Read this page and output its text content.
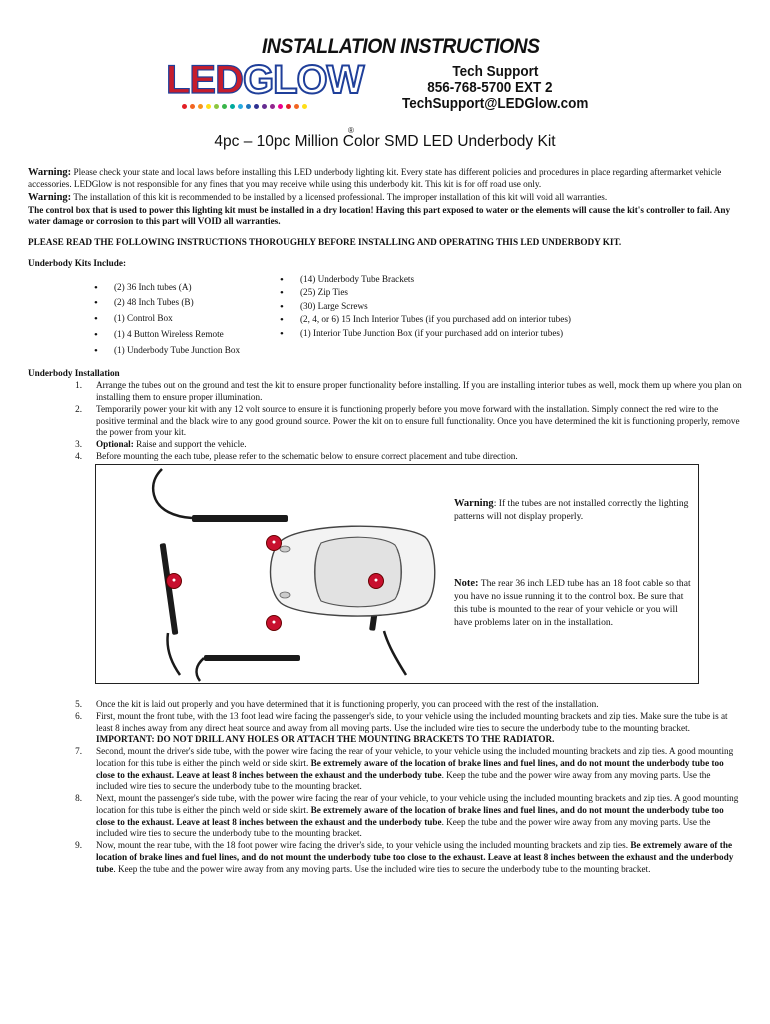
INSTALLATION INSTRUCTIONS
LEDGLOW
®
Tech Support
856-768-5700 EXT 2
TechSupport@LEDGlow.com
4pc – 10pc Million Color SMD LED Underbody Kit

Warning: Please check your state and local laws before installing this LED underbody lighting kit. Every state has different policies and procedures in place regarding aftermarket vehicle accessories. LEDGlow is not responsible for any fines that you may receive while using this underbody kit. This kit is for off road use only.

Warning: The installation of this kit is recommended to be installed by a licensed professional. The improper installation of this kit will void all warranties.

The control box that is used to power this lighting kit must be installed in a dry location! Having this part exposed to water or the elements will cause the kit's controller to fail. Any water damage or corrosion to this part will VOID all warranties.

PLEASE READ THE FOLLOWING INSTRUCTIONS THOROUGHLY BEFORE INSTALLING AND OPERATING THIS LED UNDERBODY KIT.

Underbody Kits Include:

• (2) 36 Inch tubes (A)
• (2) 48 Inch Tubes (B)
• (1) Control Box
• (1) 4 Button Wireless Remote
• (1) Underbody Tube Junction Box
• (14) Underbody Tube Brackets
• (25) Zip Ties
• (30) Large Screws
• (2, 4, or 6) 15 Inch Interior Tubes (if you purchased add on interior tubes)
• (1) Interior Tube Junction Box (if your purchased add on interior tubes)

Underbody Installation

1. Arrange the tubes out on the ground and test the kit to ensure proper functionality before installing. If you are installing interior tubes as well, mock them up where you plan on installing them to ensure proper illumination.
2. Temporarily power your kit with any 12 volt source to ensure it is functioning properly before you move forward with the installation. Simply connect the red wire to the positive terminal and the black wire to any good ground source. Power the kit on to ensure full functionality. Once you have determined the kit is functioning properly, remove the power from your kit.
3. Optional: Raise and support the vehicle.
4. Before mounting the each tube, please refer to the schematic below to ensure correct placement and tube direction.
●
●	●
●
Warning: If the tubes are not installed correctly the lighting patterns will not display properly.
Note: The rear 36 inch LED tube has an 18 foot cable so that you have no issue running it to the control box. Be sure that this tube is mounted to the rear of your vehicle or you will have problems later on in the installation.
5. Once the kit is laid out properly and you have determined that it is functioning properly, you can proceed with the rest of the installation.
6. First, mount the front tube, with the 13 foot lead wire facing the passenger's side, to your vehicle using the included mounting brackets and zip ties. Make sure the tube is at least 8 inches away from any direct heat source and away from all moving parts. Use the included wire ties to secure the underbody tube to the mounting bracket. IMPORTANT: DO NOT DRILL ANY HOLES OR ATTACH THE MOUNTING BRACKETS TO THE RADIATOR.
7. Second, mount the driver's side tube, with the power wire facing the rear of your vehicle, to your vehicle using the included mounting brackets and zip ties. A good mounting location for this tube is either the pinch weld or side skirt. Be extremely aware of the location of brake lines and fuel lines, and do not mount the underbody tube too close to the exhaust. Leave at least 8 inches between the exhaust and the underbody tube. Keep the tube and the power wire away from any moving parts. Use the included wire ties to secure the underbody tube to the mounting bracket.
8. Next, mount the passenger's side tube, with the power wire facing the rear of your vehicle, to your vehicle using the included mounting brackets and zip ties. A good mounting location for this tube is either the pinch weld or side skirt. Be extremely aware of the location of brake lines and fuel lines, and do not mount the underbody tube too close to the exhaust. Leave at least 8 inches between the exhaust and the underbody tube. Keep the tube and the power wire away from any moving parts. Use the included wire ties to secure the underbody tube to the mounting bracket.
9. Now, mount the rear tube, with the 18 foot power wire facing the driver's side, to your vehicle using the included mounting brackets and zip ties. Be extremely aware of the location of brake lines and fuel lines, and do not mount the underbody tube too close to the exhaust. Leave at least 8 inches between the exhaust and the underbody tube. Keep the tube and the power wire away from any moving parts. Use the included wire ties to secure the underbody tube to the mounting bracket.
